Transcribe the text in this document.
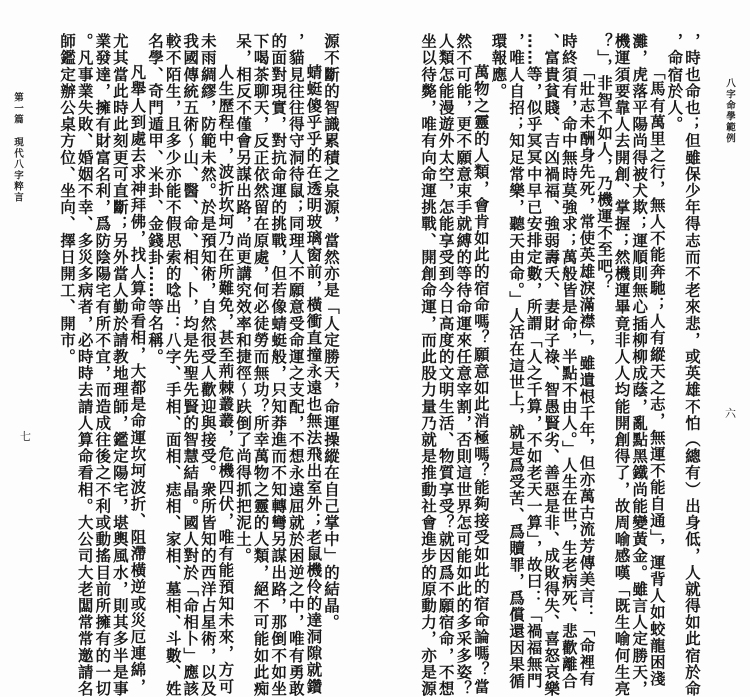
源不斷的智識累積之泉源，當然亦是「人定勝天，命運操縱在自己掌中」的結晶。
蜻蜓傻乎乎的在透明玻璃窗前，橫衝直撞永遠也無法飛出室外；老鼠機伶的達洞隙就鑽
，貓見往往得守洞待鼠；同理人不願意受命運之支配，不想永遠屈就於困逆之中，唯有勇敢
的面對現實，對抗命運的挑戰，但若像蜻蜓般，只知莽進而不知轉彎另謀出路，那倒不如坐
下喝茶聊天，反正依然留在原處，何必徒勞而無功？所幸萬物之靈的人類，絕不可能如此痴
呆，相反不僅會另謀出路，尚更講究效率和捷徑～趺倒了尚得抓把泥土。
人生歷程中，波折坎坷乃在所難免，甚至荊棘叢叢，危機四伏，唯有能預知未來，方可
未雨綢繆，防範未然。於是預知術，自然很受人歡迎與接受。衆所皆知的西洋占星術，以及
我國傳統五術～山、醫、命、相、卜，均是先聖先賢的智慧結晶。國人對於「命相卜」應該
較不陌生，且多少亦能不假思索的唸出：八字、手相、面相、痣相、家相、墓相、斗數、姓
名學、奇門遁甲、米卦、金錢卦……等名稱。
凡舉人到處去求神拜佛，找人算命看相，大都是命運坎坷波折、阻滯橫逆或災厄連綿，
尤其當此時此刻更可直斷；另外當人勤於請教地理師，鑑定陽宅，堪輿風水，則其多半是事
業發達，擁有財富名利，爲防陰陽宅有所不宜，而造成往後之不利或動搖目前所擁有的一切
。凡事業失敗、婚姻不幸、多災多病者，必時時去請人算命看相。大公司大老闆常常邀請名
師鑑定辦公桌方位、坐向、擇日開工、開市。
第一篇現代八字粹言
七	，時也命也；但雖保少年得志而不老來悲，或英雄不怕（總有）出身低，人就得如此宿於命
，命宿於人。
「馬有萬里之行，無人不能奔馳；人有縱天之志，無運不能自通」，運背人如蛟龍困淺
灘，虎落平陽尚得被犬欺；運順則無心插柳柳成蔭，亂點黑鐵尚能變黃金。雖言人定勝天，
機運須要靠人去開創、掌握；然機運畢竟非人人均能開創得了，故周喻感嘆「既生喻何生亮
？」，非智不如人，乃機運不至吧？
「壯志未酬身先死，常使英雄淚滿襟」，雖遺恨千年，但亦萬古流芳傳美言：「命裡有
時終須有，命中無時莫強求；萬般皆是命，半點不由人。」人生在世，生老病死、悲歡離合
、富貴貧賤、吉凶禍福、強弱壽夭、妻財子祿、智愚賢劣、善惡是非、成敗得失、喜怒哀樂
……等，似乎冥冥中早已安排定數，所謂「人之千算，不如老天一算」，故曰：「禍福無門
，唯人自招；知足常樂，聽天由命。」人活在這世上，就是爲受苦、爲贖罪，爲償還因果循
環報應。
萬物之靈的人類，會肯如此的宿命嗎？願意如此消極嗎？能夠接受如此的宿命論嗎？當
然不可能，更不願意束手就縛的等待命運來任意宰割，否則這世界怎可能如此的多采多姿？
人類怎能漫遊外太空，怎能享受到今日高度的文明生活、物質享受？就因爲不願宿命，不想
坐以待斃，唯有向命運挑戰、開創命運，而此股力量乃就是推動社會進步的原動力，亦是源	八字命學範例
六
